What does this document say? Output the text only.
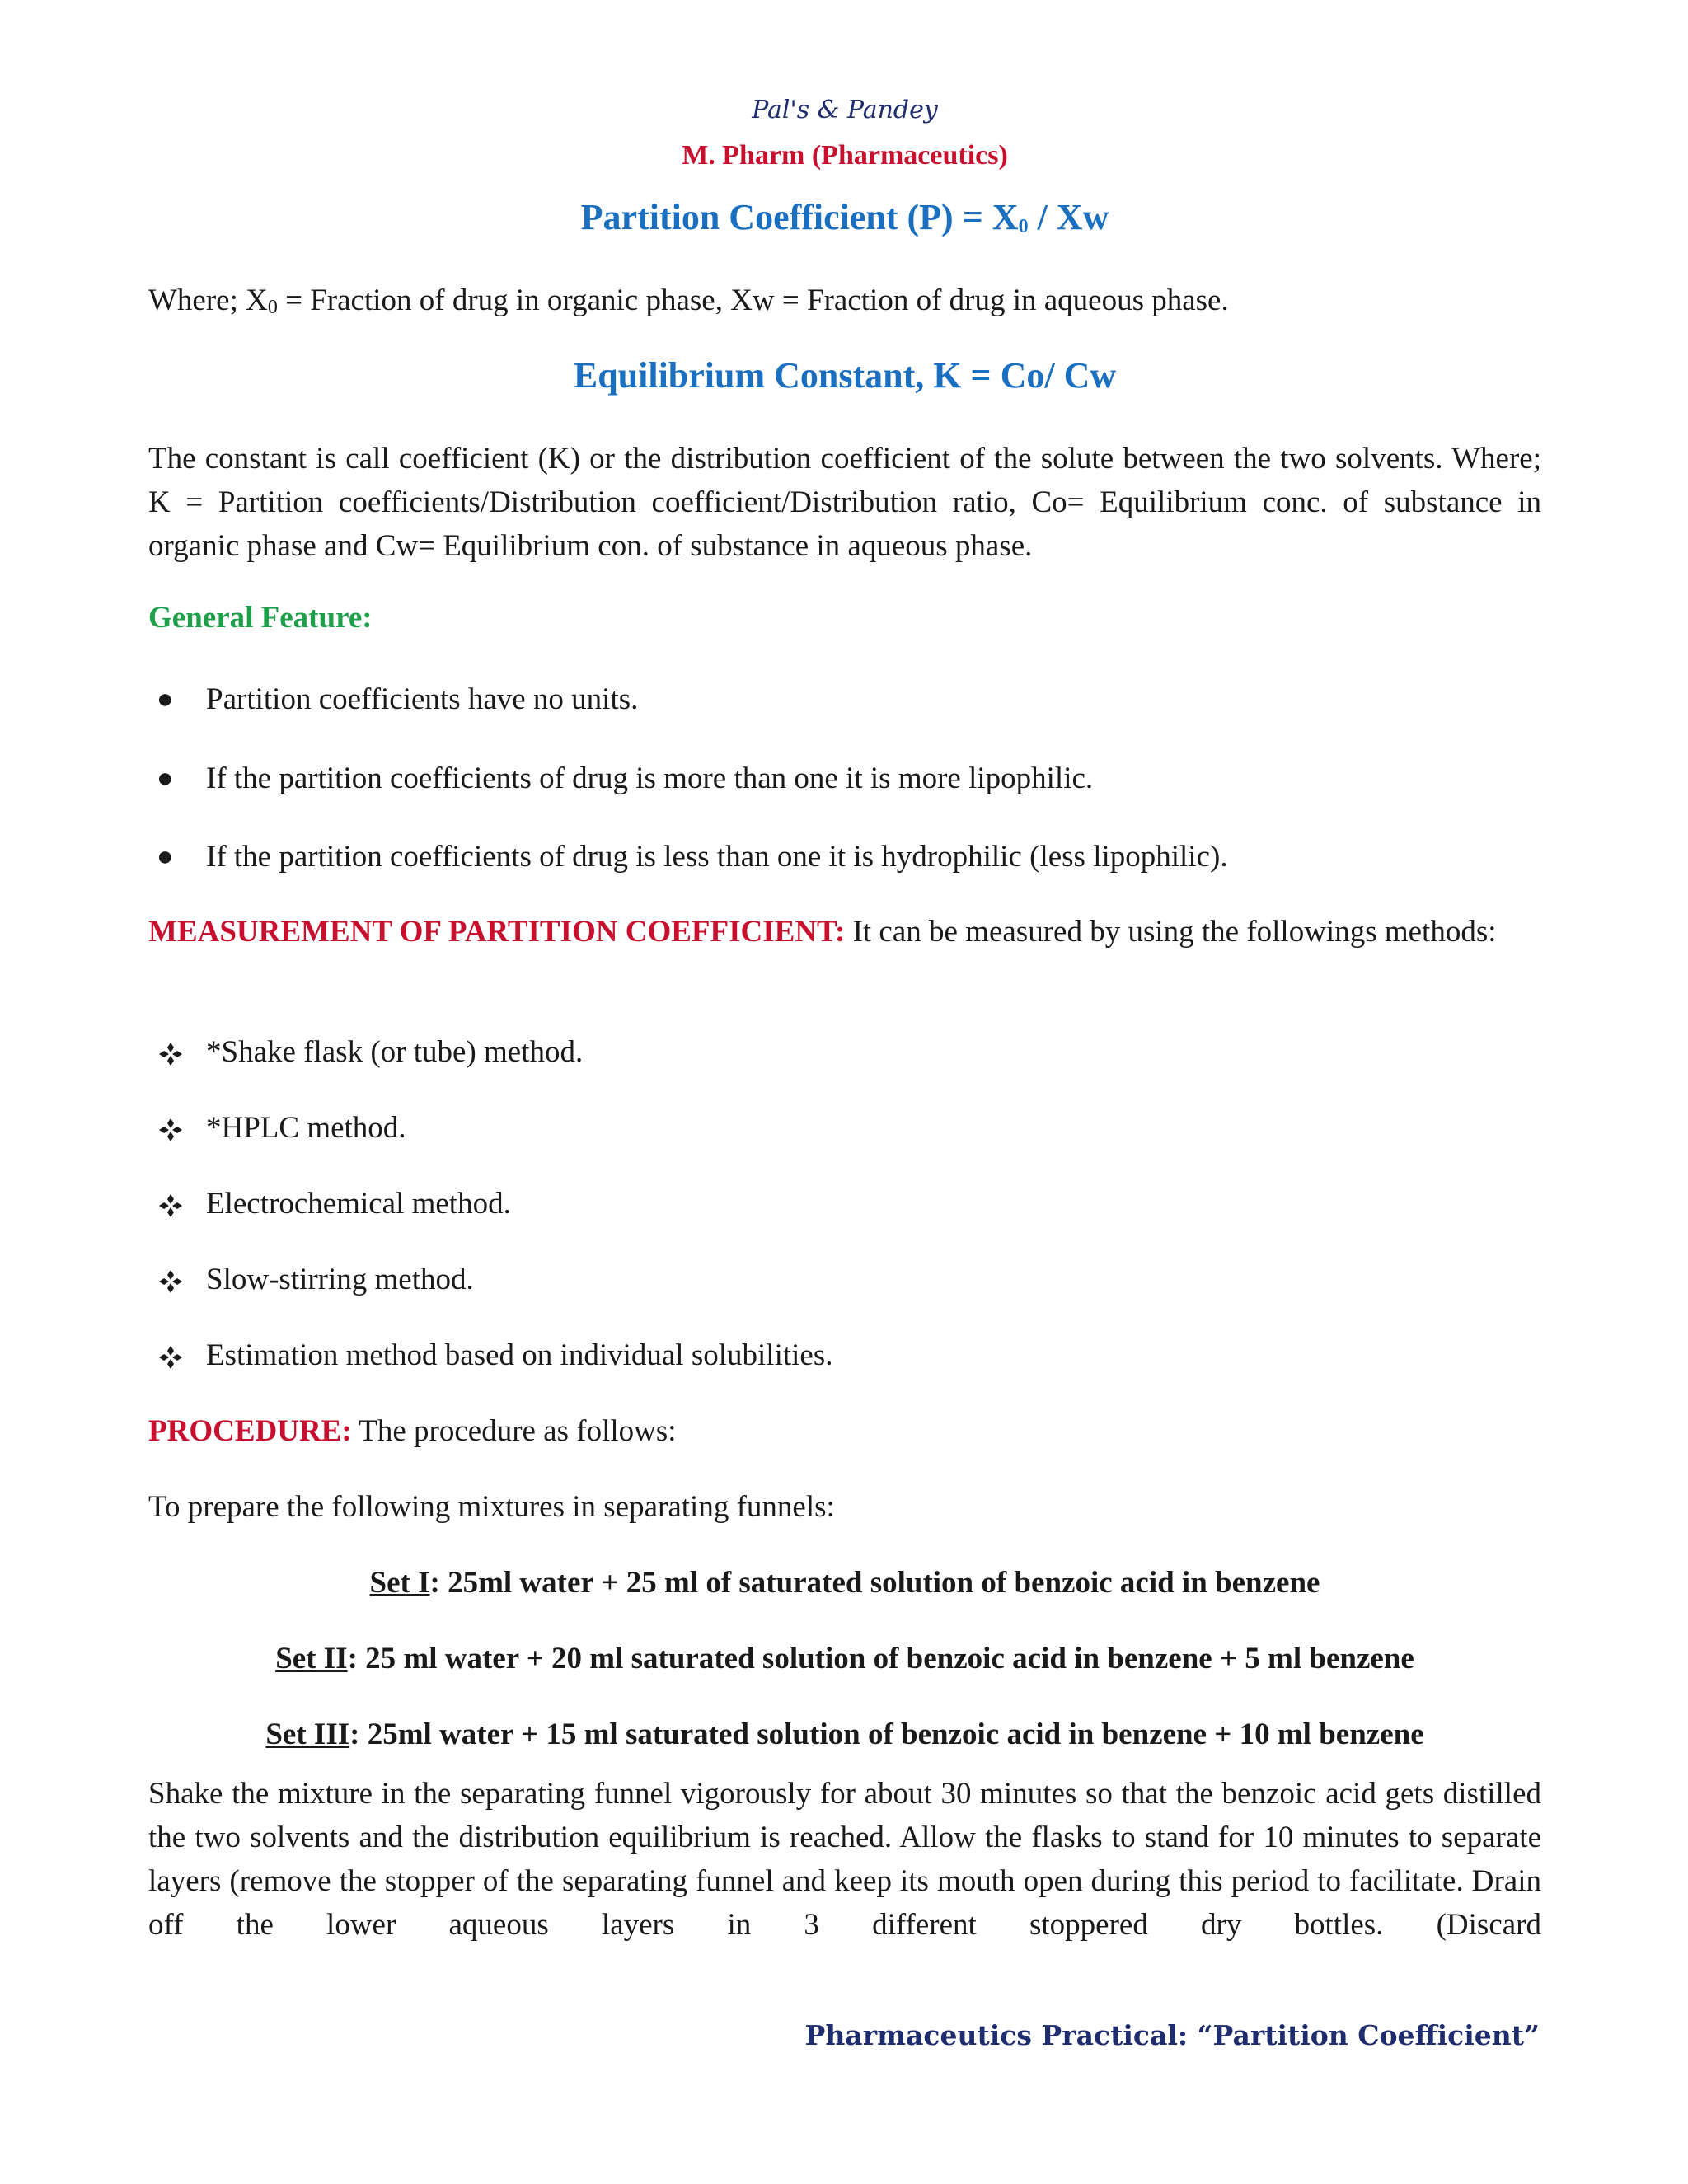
Pal's & Pandey
M. Pharm (Pharmaceutics)
Partition Coefficient $(P) = X_0 / Xw$
Where; $X_0$ = Fraction of drug in organic phase, Xw = Fraction of drug in aqueous phase.
Equilibrium Constant, K = Co/ Cw
The constant is call coefficient (K) or the distribution coefficient of the solute between the two solvents. Where; K = Partition coefficients/Distribution coefficient/Distribution ratio, Co= Equilibrium conc. of substance in organic phase and Cw= Equilibrium con. of substance in aqueous phase.
General Feature:
● Partition coefficients have no units.
● If the partition coefficients of drug is more than one it is more lipophilic.
● If the partition coefficients of drug is less than one it is hydrophilic (less lipophilic).
MEASUREMENT OF PARTITION COEFFICIENT: It can be measured by using the followings methods:
*Shake flask (or tube) method.
*HPLC method.
Electrochemical method.
Slow-stirring method.
Estimation method based on individual solubilities.
PROCEDURE: The procedure as follows:
To prepare the following mixtures in separating funnels:
Set I: 25ml water + 25 ml of saturated solution of benzoic acid in benzene
Set II: 25 ml water + 20 ml saturated solution of benzoic acid in benzene + 5 ml benzene
Set III: 25ml water + 15 ml saturated solution of benzoic acid in benzene + 10 ml benzene
Shake the mixture in the separating funnel vigorously for about 30 minutes so that the benzoic acid gets distilled the two solvents and the distribution equilibrium is reached. Allow the flasks to stand for 10 minutes to separate layers (remove the stopper of the separating funnel and keep its mouth open during this period to facilitate. Drain off the lower aqueous layers in 3 different stoppered dry bottles. (Discard
Pharmaceutics Practical: “Partition Coefficient”
